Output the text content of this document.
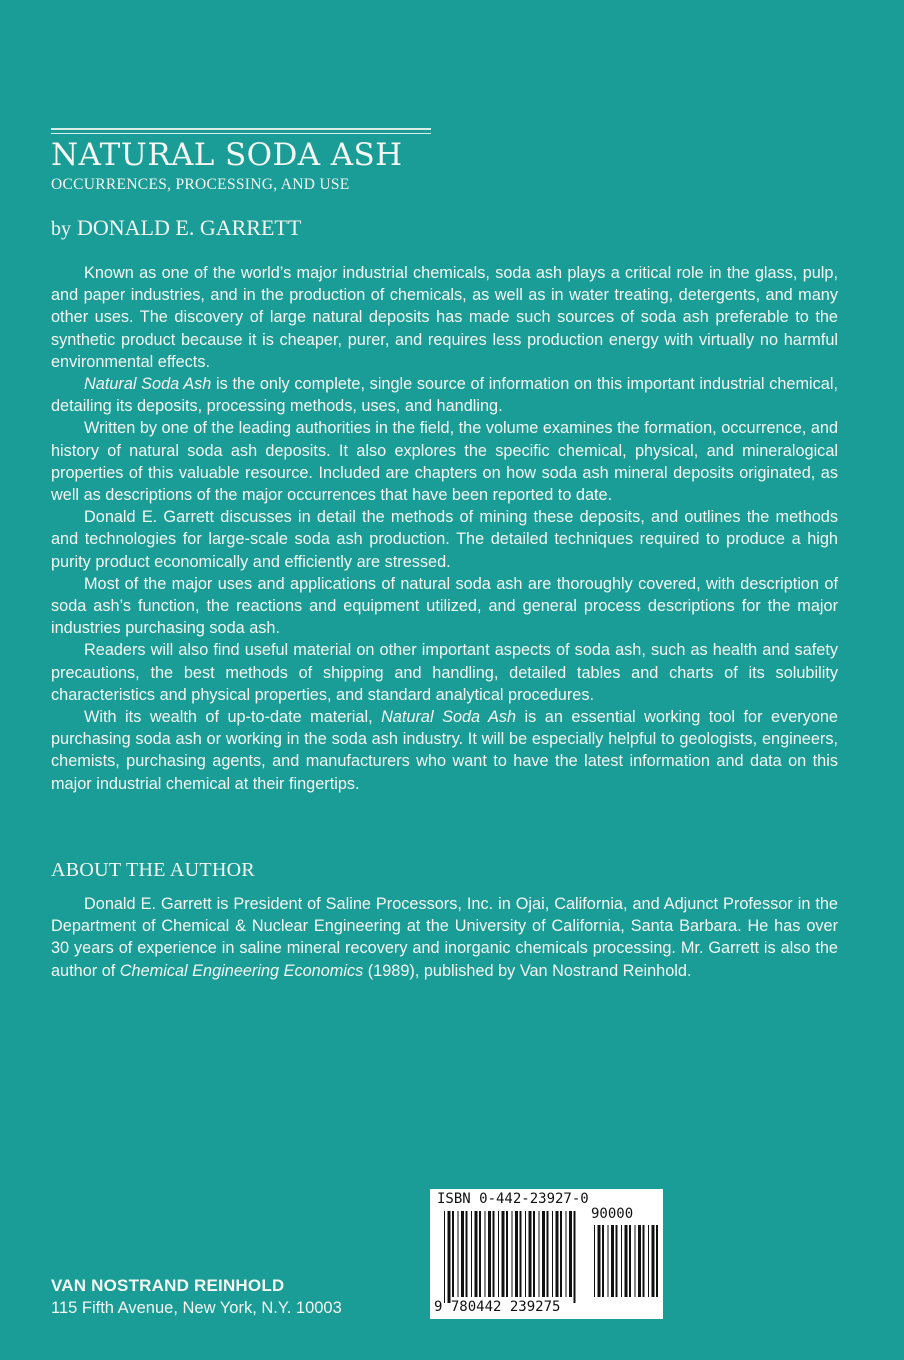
NATURAL SODA ASH
OCCURRENCES, PROCESSING, AND USE
by DONALD E. GARRETT

Known as one of the world’s major industrial chemicals, soda ash plays a critical role in the glass, pulp, and paper industries, and in the production of chemicals, as well as in water treating, detergents, and many other uses. The discovery of large natural deposits has made such sources of soda ash preferable to the synthetic product because it is cheaper, purer, and requires less production energy with virtually no harmful environmental effects.

Natural Soda Ash is the only complete, single source of information on this important industrial chemical, detailing its deposits, processing methods, uses, and handling.

Written by one of the leading authorities in the field, the volume examines the formation, occurrence, and history of natural soda ash deposits. It also explores the specific chemical, physical, and mineralogical properties of this valuable resource. Included are chapters on how soda ash mineral deposits originated, as well as descriptions of the major occurrences that have been reported to date.

Donald E. Garrett discusses in detail the methods of mining these deposits, and outlines the methods and technologies for large-scale soda ash production. The detailed techniques required to produce a high purity product economically and efficiently are stressed.

Most of the major uses and applications of natural soda ash are thoroughly covered, with description of soda ash’s function, the reactions and equipment utilized, and general process descriptions for the major industries purchasing soda ash.

Readers will also find useful material on other important aspects of soda ash, such as health and safety precautions, the best methods of shipping and handling, detailed tables and charts of its solubility characteristics and physical properties, and standard analytical procedures.

With its wealth of up-to-date material, Natural Soda Ash is an essential working tool for everyone purchasing soda ash or working in the soda ash industry. It will be especially helpful to geologists, engineers, chemists, purchasing agents, and manufacturers who want to have the latest information and data on this major industrial chemical at their fingertips.

ABOUT THE AUTHOR

Donald E. Garrett is President of Saline Processors, Inc. in Ojai, California, and Adjunct Professor in the Department of Chemical & Nuclear Engineering at the University of California, Santa Barbara. He has over 30 years of experience in saline mineral recovery and inorganic chemicals processing. Mr. Garrett is also the author of Chemical Engineering Economics (1989), published by Van Nostrand Reinhold.

VAN NOSTRAND REINHOLD
115 Fifth Avenue, New York, N.Y. 10003
ISBN 0-442-23927-0
90000
9 780442 239275
